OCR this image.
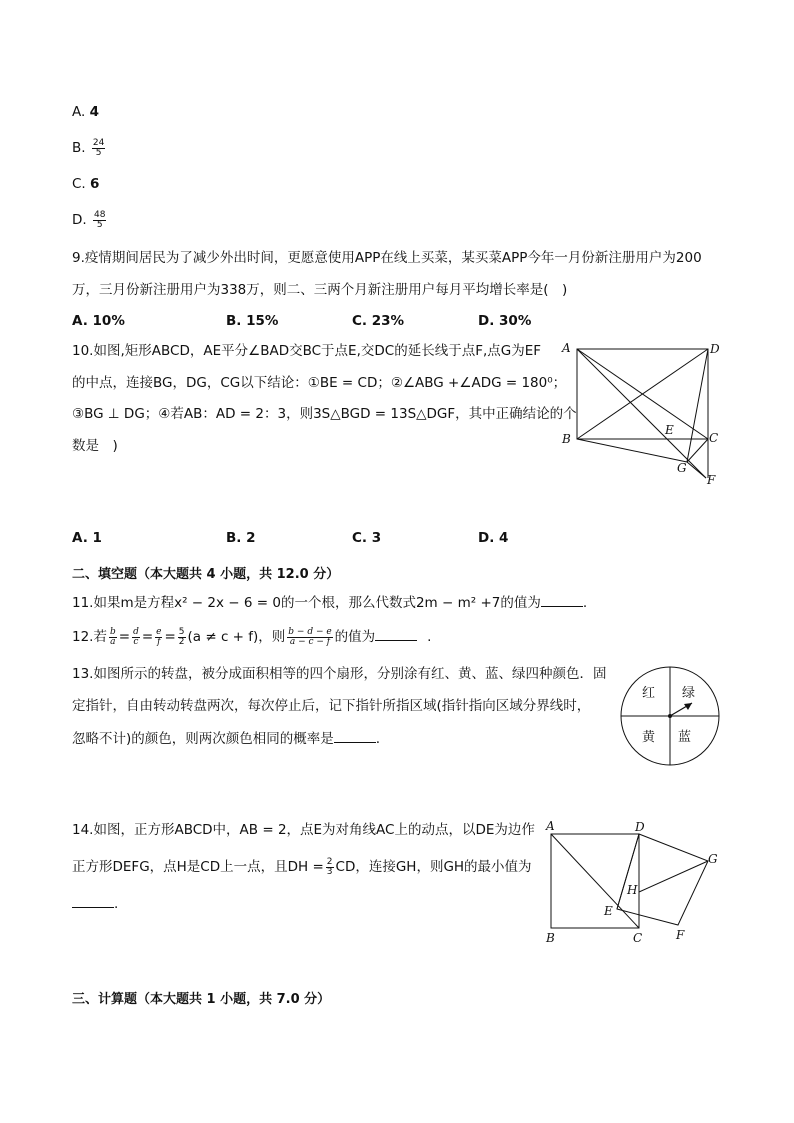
A. 4
B. $\frac{24}{5}$
C. 6
D. $\frac{48}{5}$
9.疫情期间居民为了减少外出时间，更愿意使用APP在线上买菜，某买菜APP今年一月份新注册用户为200
万，三月份新注册用户为338万，则二、三两个月新注册用户每月平均增长率是(　)
A. 10%	B. 15%	C. 23%	D. 30%
10.如图,矩形ABCD，AE平分∠BAD交BC于点E,交DC的延长线于点F,点G为EF
的中点，连接BG，DG，CG以下结论：①BE = CD；②∠ABG +∠ADG = 180⁰；
③BG ⊥ DG；④若AB：AD = 2：3，则3S△BGD = 13S△DGF，其中正确结论的个
数是　)
A	D
B
E
C
G
F
A. 1	B. 2	C. 3	D. 4
二、填空题（本大题共 4 小题，共 12.0 分）
11.如果m是方程x² − 2x − 6 = 0的一个根，那么代数式2m − m² +7的值为	.
12.若 $\frac{b}{a} = \frac{d}{c} = \frac{e}{f} = \frac{5}{2} (a \ne c + f)$，则 $\frac{b - d - e}{a - c - f}$ 的值为	.
13.如图所示的转盘，被分成面积相等的四个扇形，分别涂有红、黄、蓝、绿四种颜色．固
定指针，自由转动转盘两次，每次停止后，记下指针所指区域(指针指向区域分界线时，
忽略不计)的颜色，则两次颜色相同的概率是	.
红 绿
黄 蓝
14.如图，正方形ABCD中，AB = 2，点E为对角线AC上的动点，以DE为边作
正方形DEFG，点H是CD上一点，且DH = $\frac{2}{3}$ CD，连接GH，则GH的最小值为
.
A	D
G
H
E
B	C	F
三、计算题（本大题共 1 小题，共 7.0 分）
